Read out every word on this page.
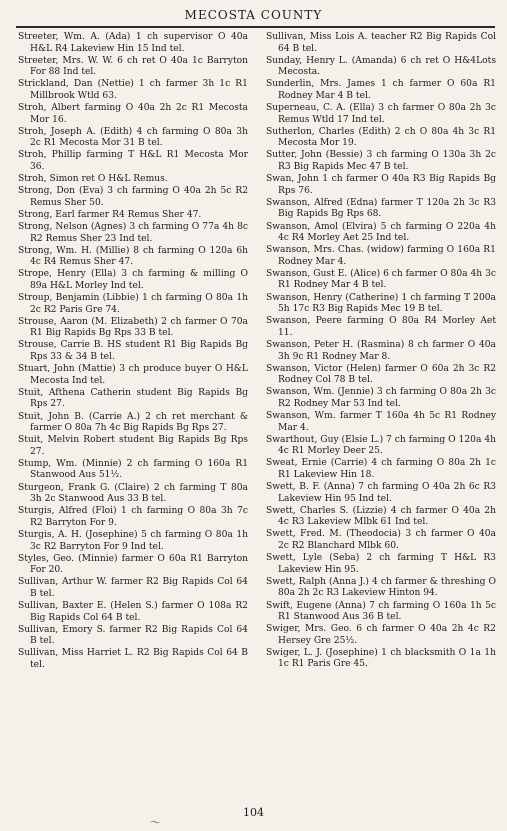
MECOSTA COUNTY

Streeter, Wm. A. (Ada) 1 ch supervisor O 40a H&L R4 Lakeview Hin 15 Ind tel.

Streeter, Mrs. W. W. 6 ch ret O 40a 1c Barryton For 88 Ind tel.

Strickland, Dan (Nettie) 1 ch farmer 3h 1c R1 Millbrook Wtld 63.

Stroh, Albert farming O 40a 2h 2c R1 Mecosta Mor 16.

Stroh, Joseph A. (Edith) 4 ch farming O 80a 3h 2c R1 Mecosta Mor 31 B tel.

Stroh, Phillip farming T H&L R1 Mecosta Mor 36.

Stroh, Simon ret O H&L Remus.

Strong, Don (Eva) 3 ch farming O 40a 2h 5c R2 Remus Sher 50.

Strong, Earl farmer R4 Remus Sher 47.

Strong, Nelson (Agnes) 3 ch farming O 77a 4h 8c R2 Remus Sher 23 Ind tel.

Strong, Wm. H. (Millie) 8 ch farming O 120a 6h 4c R4 Remus Sher 47.

Strope, Henry (Ella) 3 ch farming & milling O 89a H&L Morley Ind tel.

Stroup, Benjamin (Libbie) 1 ch farming O 80a 1h 2c R2 Paris Gre 74.

Strouse, Aaron (M. Elizabeth) 2 ch farmer O 70a R1 Big Rapids Bg Rps 33 B tel.

Strouse, Carrie B. HS student R1 Big Rapids Bg Rps 33 & 34 B tel.

Stuart, John (Mattie) 3 ch produce buyer O H&L Mecosta Ind tel.

Stuit, Afthena Catherin student Big Rapids Bg Rps 27.

Stuit, John B. (Carrie A.) 2 ch ret merchant & farmer O 80a 7h 4c Big Rapids Bg Rps 27.

Stuit, Melvin Robert student Big Rapids Bg Rps 27.

Stump, Wm. (Minnie) 2 ch farming O 160a R1 Stanwood Aus 51½.

Sturgeon, Frank G. (Claire) 2 ch farming T 80a 3h 2c Stanwood Aus 33 B tel.

Sturgis, Alfred (Floi) 1 ch farming O 80a 3h 7c R2 Barryton For 9.

Sturgis, A. H. (Josephine) 5 ch farming O 80a 1h 3c R2 Barryton For 9 Ind tel.

Styles, Geo. (Minnie) farmer O 60a R1 Barryton For 20.

Sullivan, Arthur W. farmer R2 Big Rapids Col 64 B tel.

Sullivan, Baxter E. (Helen S.) farmer O 108a R2 Big Rapids Col 64 B tel.

Sullivan, Emory S. farmer R2 Big Rapids Col 64 B tel.

Sullivan, Miss Harriet L. R2 Big Rapids Col 64 B tel.

Sullivan, Miss Lois A. teacher R2 Big Rapids Col 64 B tel.

Sunday, Henry L. (Amanda) 6 ch ret O H&4Lots Mecosta.

Sunderlin, Mrs. James 1 ch farmer O 60a R1 Rodney Mar 4 B tel.

Superneau, C. A. (Ella) 3 ch farmer O 80a 2h 3c Remus Wtld 17 Ind tel.

Sutherlon, Charles (Edith) 2 ch O 80a 4h 3c R1 Mecosta Mor 19.

Sutter, John (Bessie) 3 ch farming O 130a 3h 2c R3 Big Rapids Mec 47 B tel.

Swan, John 1 ch farmer O 40a R3 Big Rapids Bg Rps 76.

Swanson, Alfred (Edna) farmer T 120a 2h 3c R3 Big Rapids Bg Rps 68.

Swanson, Amol (Elvira) 5 ch farming O 220a 4h 4c R4 Morley Aet 25 Ind tel.

Swanson, Mrs. Chas. (widow) farming O 160a R1 Rodney Mar 4.

Swanson, Gust E. (Alice) 6 ch farmer O 80a 4h 3c R1 Rodney Mar 4 B tel.

Swanson, Henry (Catherine) 1 ch farming T 200a 5h 17c R3 Big Rapids Mec 19 B tel.

Swanson, Peere farming O 80a R4 Morley Aet 11.

Swanson, Peter H. (Rasmina) 8 ch farmer O 40a 3h 9c R1 Rodney Mar 8.

Swanson, Victor (Helen) farmer O 60a 2h 3c R2 Rodney Col 78 B tel.

Swanson, Wm. (Jennie) 3 ch farming O 80a 2h 3c R2 Rodney Mar 53 Ind tel.

Swanson, Wm. farmer T 160a 4h 5c R1 Rodney Mar 4.

Swarthout, Guy (Elsie L.) 7 ch farming O 120a 4h 4c R1 Morley Deer 25.

Sweat, Ernie (Carrie) 4 ch farming O 80a 2h 1c R1 Lakeview Hin 18.

Swett, B. F. (Anna) 7 ch farming O 40a 2h 6c R3 Lakeview Hin 95 Ind tel.

Swett, Charles S. (Lizzie) 4 ch farmer O 40a 2h 4c R3 Lakeview Mlbk 61 Ind tel.

Swett, Fred. M. (Theodocia) 3 ch farmer O 40a 2c R2 Blanchard Mlbk 60.

Swett, Lyle (Seba) 2 ch farming T H&L R3 Lakeview Hin 95.

Swett, Ralph (Anna J.) 4 ch farmer & threshing O 80a 2h 2c R3 Lakeview Hinton 94.

Swift, Eugene (Anna) 7 ch farming O 160a 1h 5c R1 Stanwood Aus 36 B tel.

Swiger, Mrs. Geo. 6 ch farmer O 40a 2h 4c R2 Hersey Gre 25½.

Swiger, L. J. (Josephine) 1 ch blacksmith O 1a 1h 1c R1 Paris Gre 45.

〜
104
